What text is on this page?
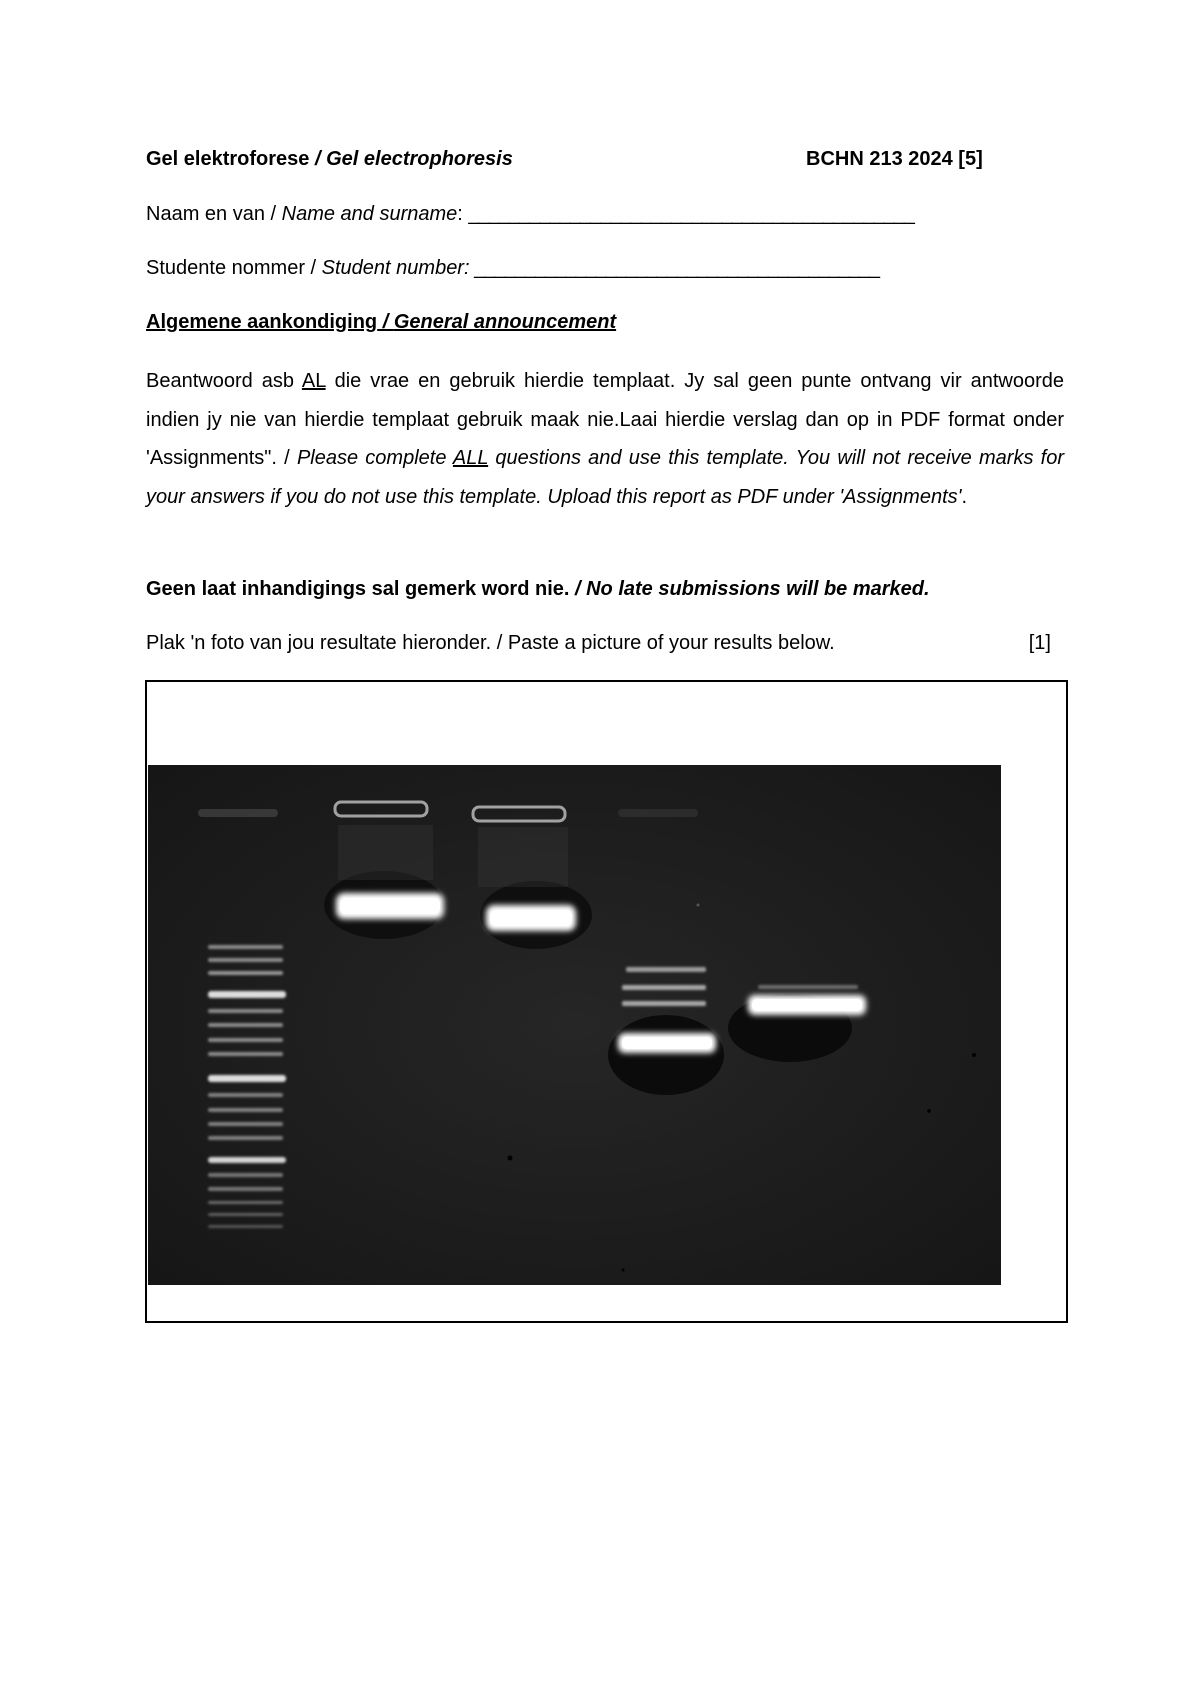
Gel elektroforese / Gel electrophoresis	BCHN 213 2024 [5]
Naam en van / Name and surname: ____________________________________________
Studente nommer / Student number: ________________________________________
Algemene aankondiging / General announcement
Beantwoord asb AL die vrae en gebruik hierdie templaat. Jy sal geen punte ontvang vir antwoorde indien jy nie van hierdie templaat gebruik maak nie.Laai hierdie verslag dan op in PDF format onder 'Assignments". / Please complete ALL questions and use this template. You will not receive marks for your answers if you do not use this template. Upload this report as PDF under 'Assignments'.
Geen laat inhandigings sal gemerk word nie. / No late submissions will be marked.
Plak 'n foto van jou resultate hieronder. / Paste a picture of your results below.	[1]
